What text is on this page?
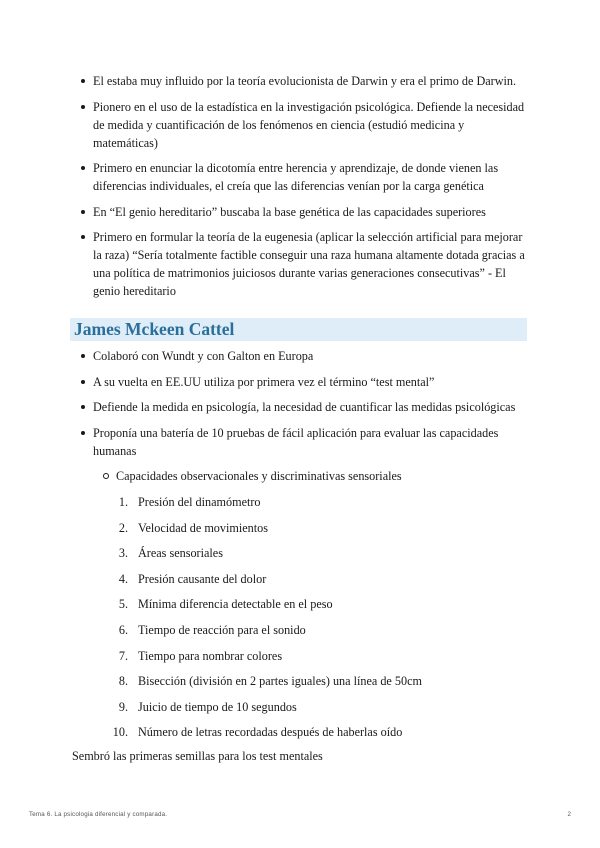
El estaba muy influido por la teoría evolucionista de Darwin y era el primo de Darwin.
Pionero en el uso de la estadística en la investigación psicológica. Defiende la necesidad de medida y cuantificación de los fenómenos en ciencia (estudió medicina y matemáticas)
Primero en enunciar la dicotomía entre herencia y aprendizaje, de donde vienen las diferencias individuales, el creía que las diferencias venían por la carga genética
En “El genio hereditario” buscaba la base genética de las capacidades superiores
Primero en formular la teoría de la eugenesia (aplicar la selección artificial para mejorar la raza) “Sería totalmente factible conseguir una raza humana altamente dotada gracias a una política de matrimonios juiciosos durante varias generaciones consecutivas” - El genio hereditario
James Mckeen Cattel
Colaboró con Wundt y con Galton en Europa
A su vuelta en EE.UU utiliza por primera vez el término “test mental”
Defiende la medida en psicología, la necesidad de cuantificar las medidas psicológicas
Proponía una batería de 10 pruebas de fácil aplicación para evaluar las capacidades humanas
Capacidades observacionales y discriminativas sensoriales
1. Presión del dinamómetro
2. Velocidad de movimientos
3. Áreas sensoriales
4. Presión causante del dolor
5. Mínima diferencia detectable en el peso
6. Tiempo de reacción para el sonido
7. Tiempo para nombrar colores
8. Bisección (división en 2 partes iguales) una línea de 50cm
9. Juicio de tiempo de 10 segundos
10. Número de letras recordadas después de haberlas oído
Sembró las primeras semillas para los test mentales
Tema 6. La psicologia diferencial y comparada.	2
